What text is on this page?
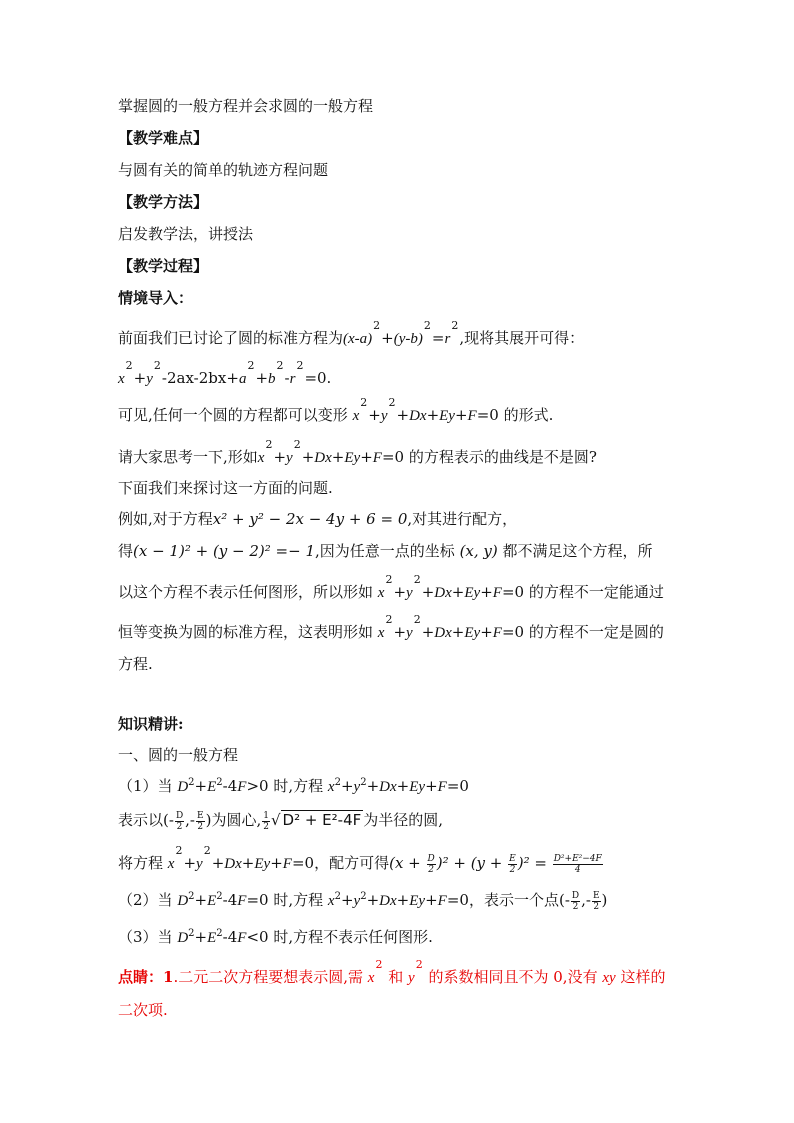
掌握圆的一般方程并会求圆的一般方程
【教学难点】
与圆有关的简单的轨迹方程问题
【教学方法】
启发教学法，讲授法
【教学过程】
情境导入：
前面我们已讨论了圆的标准方程为$(x-a)^2+(y-b)^2=r^2$,现将其展开可得：
$x^2+y^2-2ax-2bx+a^2+b^2-r^2=0$.
可见,任何一个圆的方程都可以变形 $x^2+y^2+Dx+Ey+F=0$ 的形式.
请大家思考一下,形如$x^2+y^2+Dx+Ey+F=0$ 的方程表示的曲线是不是圆?
下面我们来探讨这一方面的问题.
例如,对于方程x² + y² − 2x − 4y + 6 = 0,对其进行配方，
得(x − 1)² + (y − 2)² =− 1,因为任意一点的坐标 (x, y) 都不满足这个方程，所
以这个方程不表示任何图形，所以形如 $x^2+y^2+Dx+Ey+F=0$ 的方程不一定能通过
恒等变换为圆的标准方程，这表明形如 $x^2+y^2+Dx+Ey+F=0$ 的方程不一定是圆的
方程.
知识精讲:
一、圆的一般方程
（1）当 $D^2+E^2-4F>0$ 时,方程 $x^2+y^2+Dx+Ey+F=0$
表示以(- $\frac{D}{2}$ ,- $\frac{E}{2}$ )为圆心, $\frac{1}{2}$ √ D² + E²-4F 为半径的圆,
将方程 $x^2+y^2+Dx+Ey+F=0$，配方可得$(x + \frac{D}{2} )^2 + (y + \frac{E}{2} )^2 = \frac{\text{D²+E²−4F}}{4}$
（2）当 $D^2+E^2-4F=0$ 时,方程 $x^2+y^2+Dx+Ey+F=0$，表示一个点(- $\frac{D}{2}$ ,- $\frac{E}{2}$ )
（3）当 $D^2+E^2-4F<0$ 时,方程不表示任何图形.
点睛：1.二元二次方程要想表示圆,需 $x^2$ 和 $y^2$ 的系数相同且不为 0,没有 xy 这样的
二次项.
